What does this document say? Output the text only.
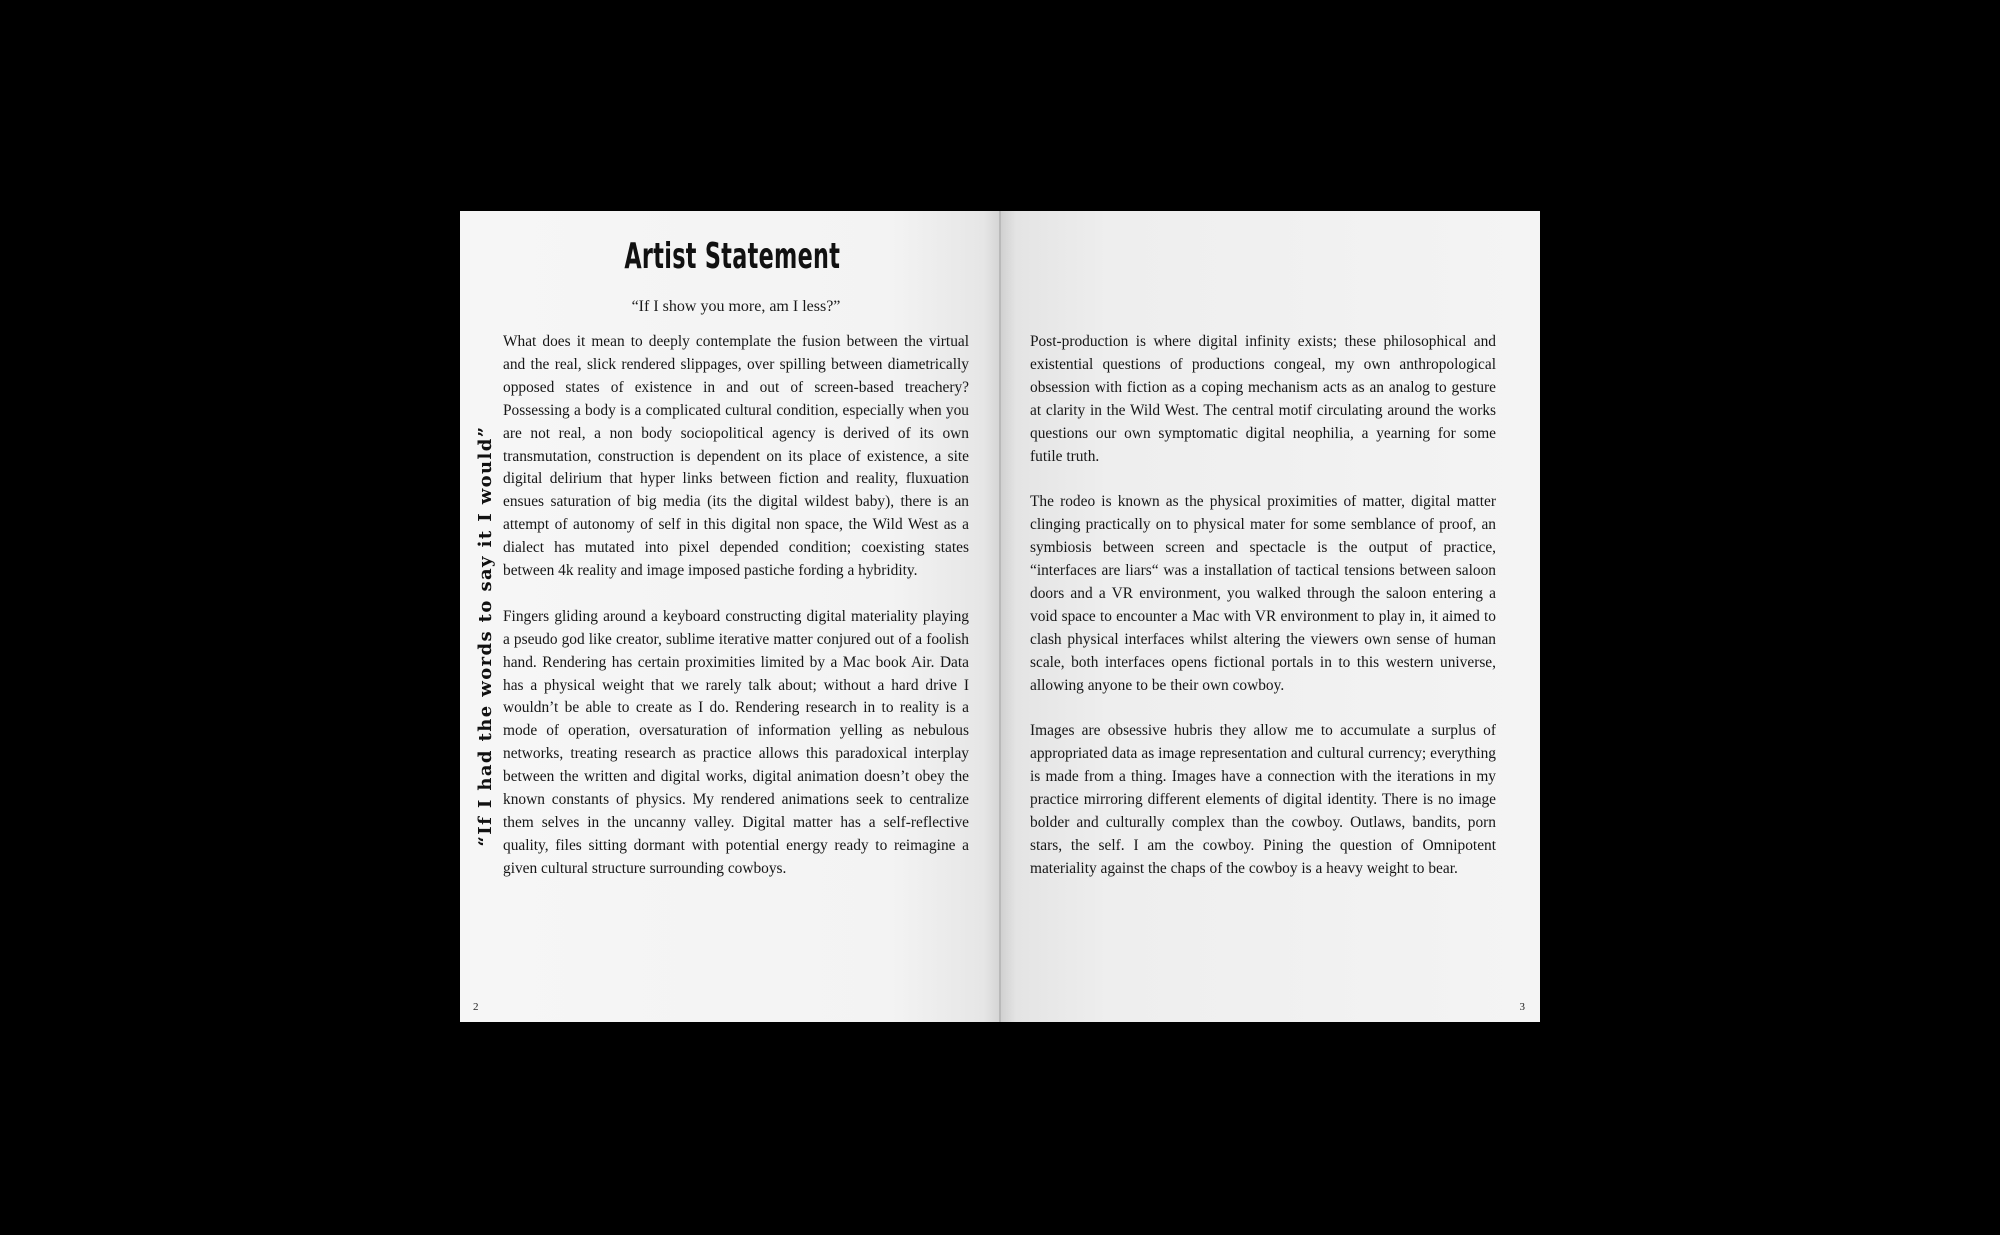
Artist Statement

“If I show you more, am I less?”

“If I had the words to say it I would”

What does it mean to deeply contemplate the fusion between the virtual and the real, slick rendered slippages, over spilling between diametrically opposed states of existence in and out of screen-based treachery? Possessing a body is a complicated cultural condition, especially when you are not real, a non body sociopolitical agency is derived of its own transmutation, construction is dependent on its place of existence, a site digital delirium that hyper links between fiction and reality, fluxuation ensues saturation of big media (its the digital wildest baby), there is an attempt of autonomy of self in this digital non space, the Wild West as a dialect has mutated into pixel depended condition; coexisting states between 4k reality and image imposed pastiche fording a hybridity.

Fingers gliding around a keyboard constructing digital materiality playing a pseudo god like creator, sublime iterative matter conjured out of a foolish hand. Rendering has certain proximities limited by a Mac book Air. Data has a physical weight that we rarely talk about; without a hard drive I wouldn’t be able to create as I do. Rendering research in to reality is a mode of operation, oversaturation of information yelling as nebulous networks, treating research as practice allows this paradoxical interplay between the written and digital works, digital animation doesn’t obey the known constants of physics. My rendered animations seek to centralize them selves in the uncanny valley. Digital matter has a self-reflective quality, files sitting dormant with potential energy ready to reimagine a given cultural structure surrounding cowboys.

2

Post-production is where digital infinity exists; these philosophical and existential questions of productions congeal, my own anthropological obsession with fiction as a coping mechanism acts as an analog to gesture at clarity in the Wild West. The central motif circulating around the works questions our own symptomatic digital neophilia, a yearning for some futile truth.

The rodeo is known as the physical proximities of matter, digital matter clinging practically on to physical mater for some semblance of proof, an symbiosis between screen and spectacle is the output of practice, “interfaces are liars“ was a installation of tactical tensions between saloon doors and a VR environment, you walked through the saloon entering a void space to encounter a Mac with VR environment to play in, it aimed to clash physical interfaces whilst altering the viewers own sense of human scale, both interfaces opens fictional portals in to this western universe, allowing anyone to be their own cowboy.

Images are obsessive hubris they allow me to accumulate a surplus of appropriated data as image representation and cultural currency; everything is made from a thing. Images have a connection with the iterations in my practice mirroring different elements of digital identity. There is no image bolder and culturally complex than the cowboy. Outlaws, bandits, porn stars, the self. I am the cowboy. Pining the question of Omnipotent materiality against the chaps of the cowboy is a heavy weight to bear.

3
